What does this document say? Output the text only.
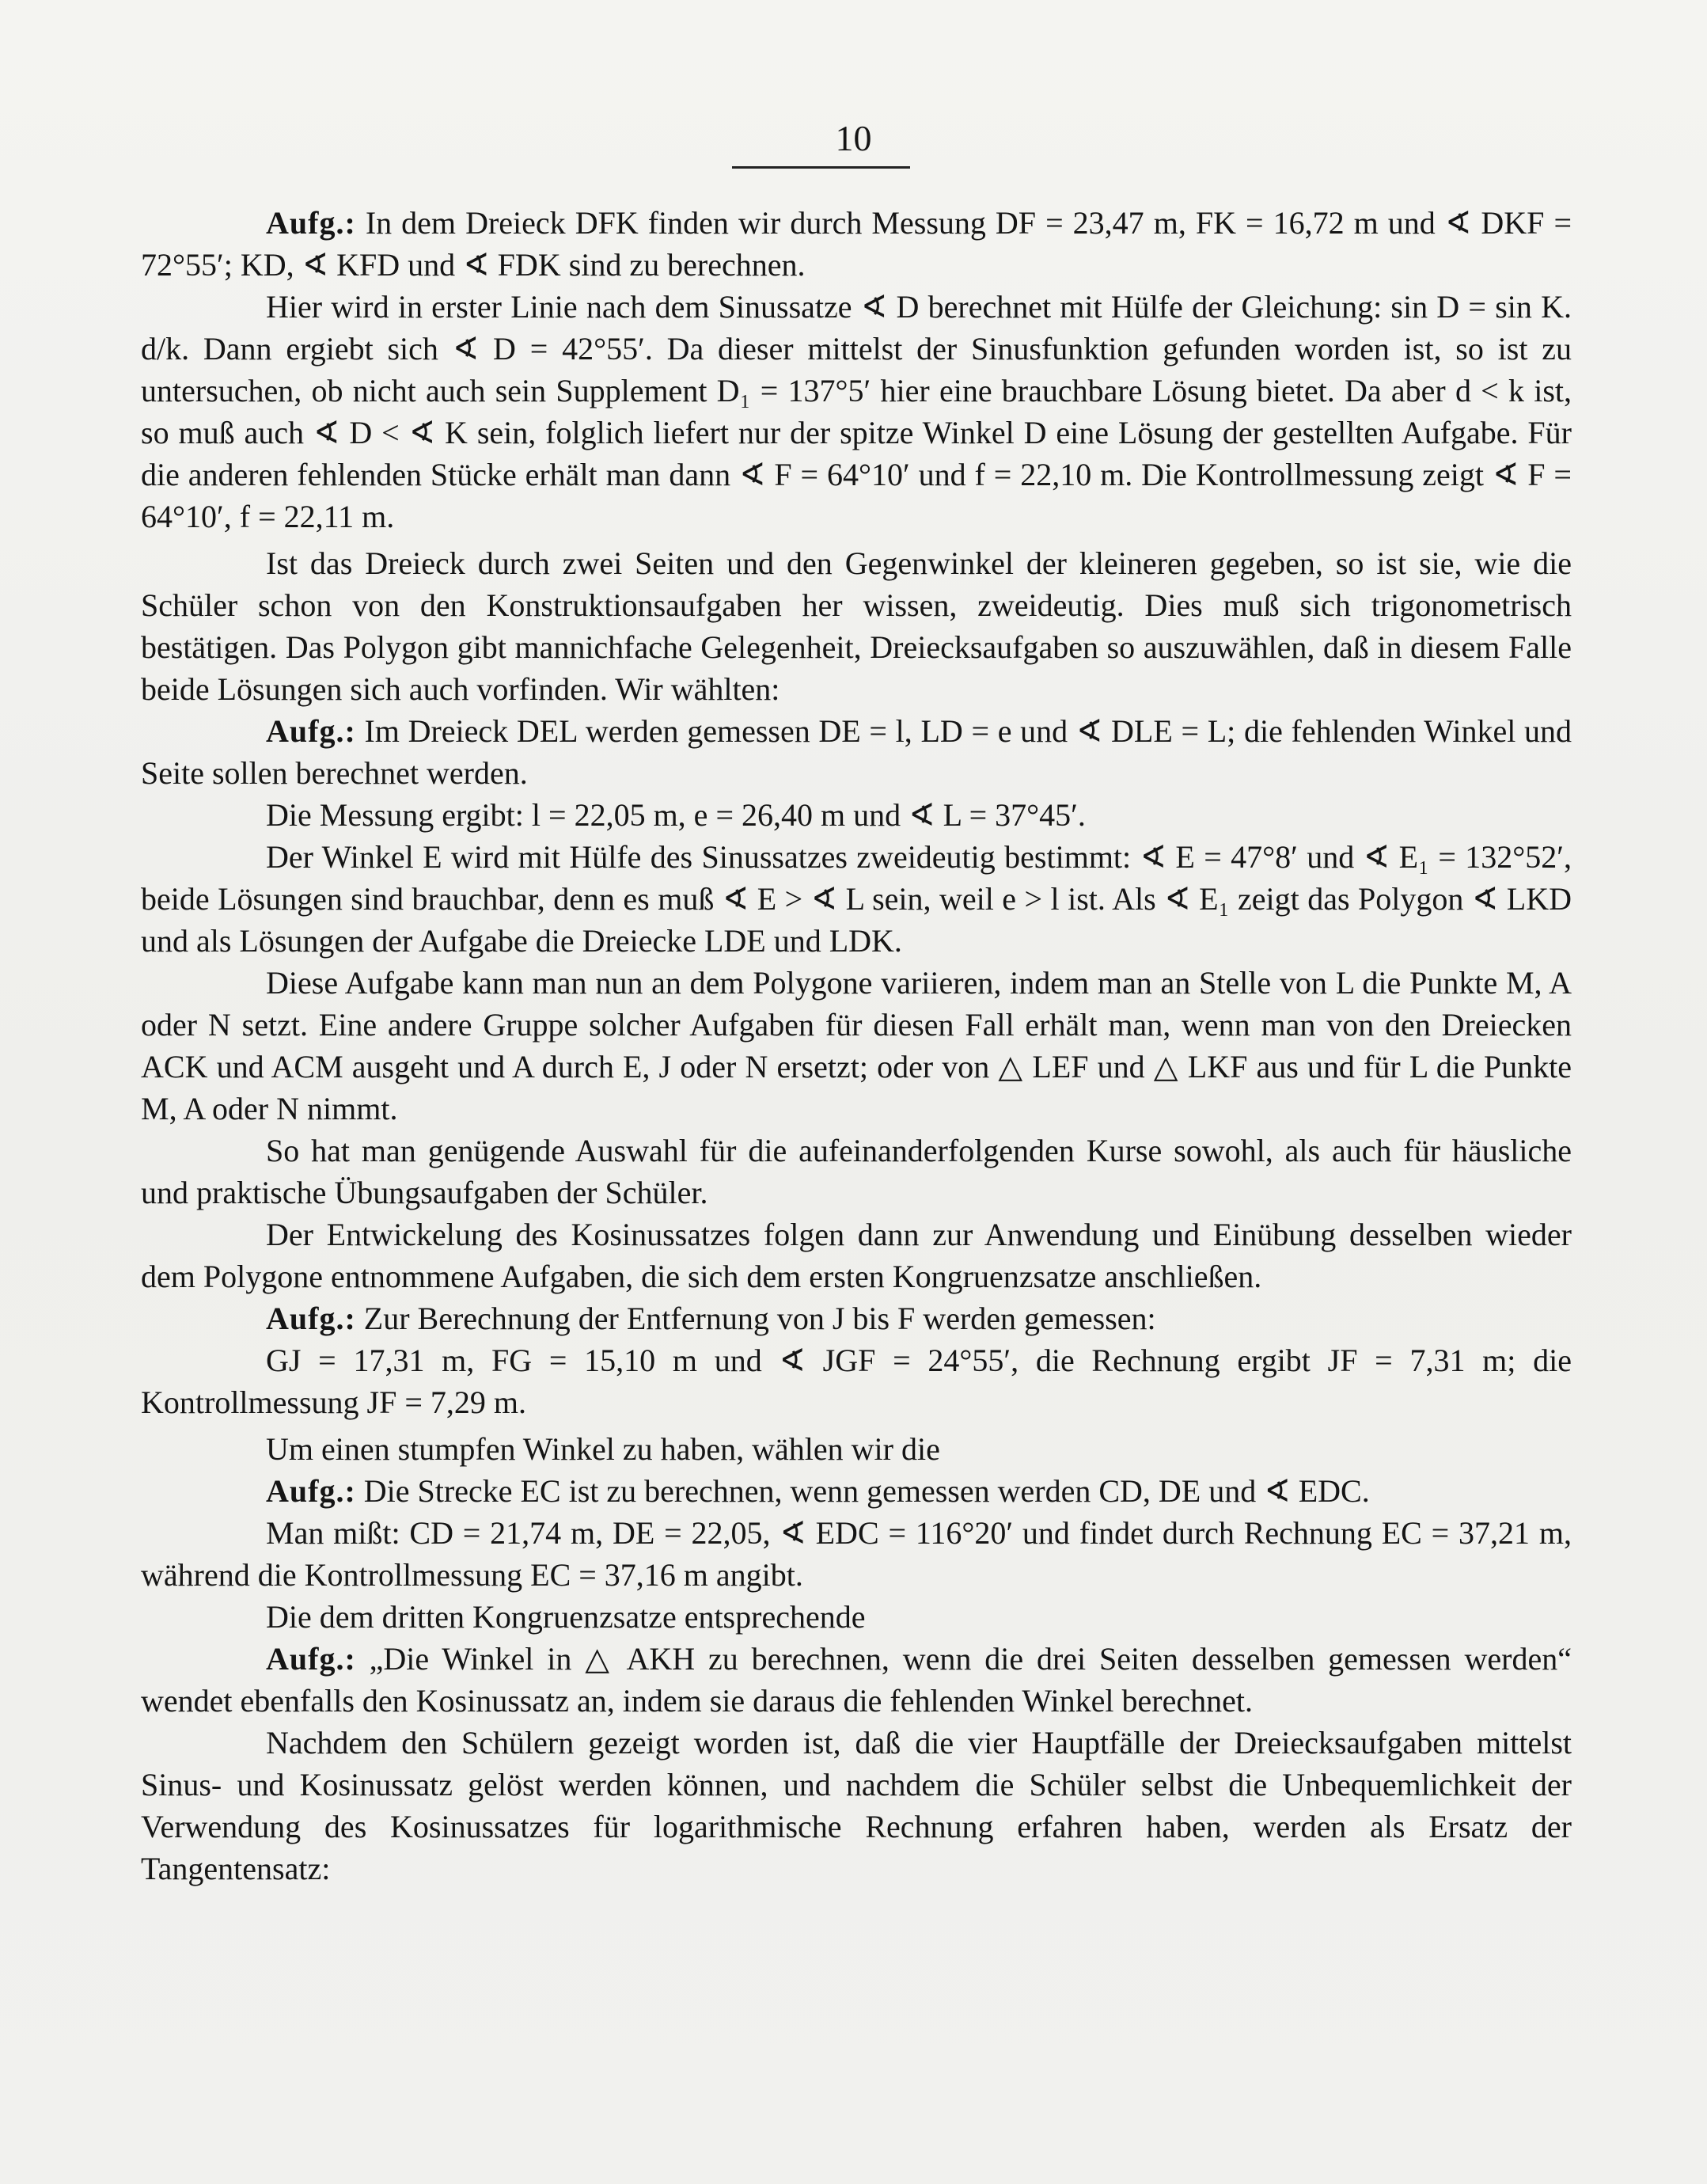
10

Aufg.: In dem Dreieck DFK finden wir durch Messung DF = 23,47 m, FK = 16,72 m und ∢ DKF = 72°55′; KD, ∢ KFD und ∢ FDK sind zu berechnen.

Hier wird in erster Linie nach dem Sinussatze ∢ D berechnet mit Hülfe der Gleichung: sin D = sin K. d/k. Dann ergiebt sich ∢ D = 42°55′. Da dieser mittelst der Sinusfunktion gefunden worden ist, so ist zu untersuchen, ob nicht auch sein Supplement D₁ = 137°5′ hier eine brauchbare Lösung bietet. Da aber d < k ist, so muß auch ∢ D < ∢ K sein, folglich liefert nur der spitze Winkel D eine Lösung der gestellten Aufgabe. Für die anderen fehlenden Stücke erhält man dann ∢ F = 64°10′ und f = 22,10 m. Die Kontrollmessung zeigt ∢ F = 64°10′, f = 22,11 m.

Ist das Dreieck durch zwei Seiten und den Gegenwinkel der kleineren gegeben, so ist sie, wie die Schüler schon von den Konstruktionsaufgaben her wissen, zweideutig. Dies muß sich trigonometrisch bestätigen. Das Polygon gibt mannichfache Gelegenheit, Dreiecksaufgaben so auszuwählen, daß in diesem Falle beide Lösungen sich auch vorfinden. Wir wählten:

Aufg.: Im Dreieck DEL werden gemessen DE = l, LD = e und ∢ DLE = L; die fehlenden Winkel und Seite sollen berechnet werden.

Die Messung ergibt: l = 22,05 m, e = 26,40 m und ∢ L = 37°45′.

Der Winkel E wird mit Hülfe des Sinussatzes zweideutig bestimmt: ∢ E = 47°8′ und ∢ E₁ = 132°52′, beide Lösungen sind brauchbar, denn es muß ∢ E > ∢ L sein, weil e > l ist. Als ∢ E₁ zeigt das Polygon ∢ LKD und als Lösungen der Aufgabe die Dreiecke LDE und LDK.

Diese Aufgabe kann man nun an dem Polygone variieren, indem man an Stelle von L die Punkte M, A oder N setzt. Eine andere Gruppe solcher Aufgaben für diesen Fall erhält man, wenn man von den Dreiecken ACK und ACM ausgeht und A durch E, J oder N ersetzt; oder von △ LEF und △ LKF aus und für L die Punkte M, A oder N nimmt.

So hat man genügende Auswahl für die aufeinanderfolgenden Kurse sowohl, als auch für häusliche und praktische Übungsaufgaben der Schüler.

Der Entwickelung des Kosinussatzes folgen dann zur Anwendung und Einübung desselben wieder dem Polygone entnommene Aufgaben, die sich dem ersten Kongruenzsatze anschließen.

Aufg.: Zur Berechnung der Entfernung von J bis F werden gemessen:

GJ = 17,31 m, FG = 15,10 m und ∢ JGF = 24°55′, die Rechnung ergibt JF = 7,31 m; die Kontrollmessung JF = 7,29 m.

Um einen stumpfen Winkel zu haben, wählen wir die

Aufg.: Die Strecke EC ist zu berechnen, wenn gemessen werden CD, DE und ∢ EDC.

Man mißt: CD = 21,74 m, DE = 22,05, ∢ EDC = 116°20′ und findet durch Rechnung EC = 37,21 m, während die Kontrollmessung EC = 37,16 m angibt.

Die dem dritten Kongruenzsatze entsprechende

Aufg.: „Die Winkel in △ AKH zu berechnen, wenn die drei Seiten desselben gemessen werden“ wendet ebenfalls den Kosinussatz an, indem sie daraus die fehlenden Winkel berechnet.

Nachdem den Schülern gezeigt worden ist, daß die vier Hauptfälle der Dreiecksaufgaben mittelst Sinus- und Kosinussatz gelöst werden können, und nachdem die Schüler selbst die Unbequemlichkeit der Verwendung des Kosinussatzes für logarithmische Rechnung erfahren haben, werden als Ersatz der Tangentensatz:
